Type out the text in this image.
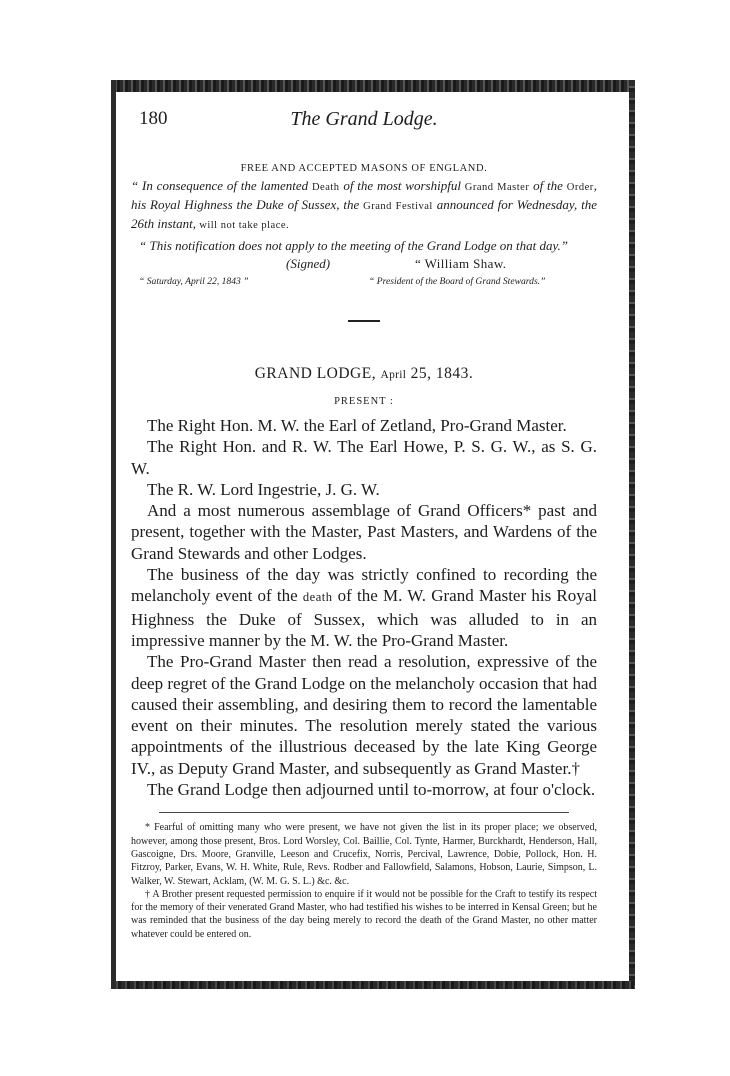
180	The Grand Lodge.
FREE AND ACCEPTED MASONS OF ENGLAND.
“ In consequence of the lamented Death of the most worshipful Grand Master of the Order, his Royal Highness the Duke of Sussex, the Grand Festival announced for Wednesday, the 26th instant, will not take place.
“ This notification does not apply to the meeting of the Grand Lodge on that day.”
(Signed)	“ William Shaw.
“ Saturday, April 22, 1843 ”	“ President of the Board of Grand Stewards.”
GRAND LODGE, April 25, 1843.
PRESENT :

The Right Hon. M. W. the Earl of Zetland, Pro-Grand Master.

The Right Hon. and R. W. The Earl Howe, P. S. G. W., as S. G. W.

The R. W. Lord Ingestrie, J. G. W.

And a most numerous assemblage of Grand Officers* past and present, together with the Master, Past Masters, and Wardens of the Grand Stewards and other Lodges.

The business of the day was strictly confined to recording the melancholy event of the death of the M. W. Grand Master his Royal Highness the Duke of Sussex, which was alluded to in an impressive manner by the M. W. the Pro-Grand Master.

The Pro-Grand Master then read a resolution, expressive of the deep regret of the Grand Lodge on the melancholy occasion that had caused their assembling, and desiring them to record the lamentable event on their minutes. The resolution merely stated the various appointments of the illustrious deceased by the late King George IV., as Deputy Grand Master, and subsequently as Grand Master.†

The Grand Lodge then adjourned until to-morrow, at four o'clock.

* Fearful of omitting many who were present, we have not given the list in its proper place; we observed, however, among those present, Bros. Lord Worsley, Col. Baillie, Col. Tynte, Harmer, Burckhardt, Henderson, Hall, Gascoigne, Drs. Moore, Granville, Leeson and Crucefix, Norris, Percival, Lawrence, Dobie, Pollock, Hon. H. Fitzroy, Parker, Evans, W. H. White, Rule, Revs. Rodber and Fallowfield, Salamons, Hobson, Laurie, Simpson, L. Walker, W. Stewart, Acklam, (W. M. G. S. L.) &c. &c.

† A Brother present requested permission to enquire if it would not be possible for the Craft to testify its respect for the memory of their venerated Grand Master, who had testified his wishes to be interred in Kensal Green; but he was reminded that the business of the day being merely to record the death of the Grand Master, no other matter whatever could be entered on.
